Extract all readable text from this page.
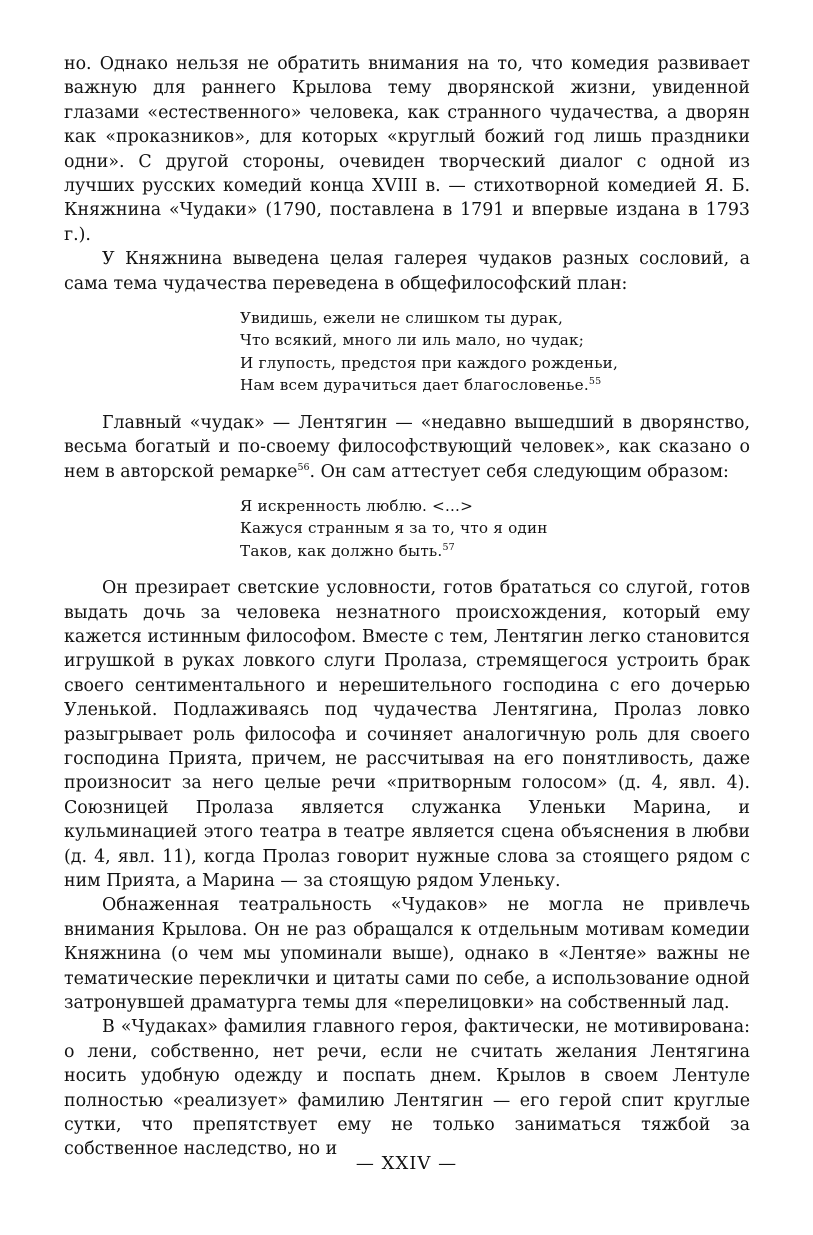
но. Однако нельзя не обратить внимания на то, что комедия развивает важную для раннего Крылова тему дворянской жизни, увиденной глазами «естественного» человека, как странного чудачества, а дворян как «проказников», для которых «круглый божий год лишь праздники одни». С другой стороны, очевиден творческий диалог с одной из лучших русских комедий конца XVIII в. — стихотворной комедией Я. Б. Княжнина «Чудаки» (1790, поставлена в 1791 и впервые издана в 1793 г.).

У Княжнина выведена целая галерея чудаков разных сословий, а сама тема чудачества переведена в общефилософский план:

Увидишь, ежели не слишком ты дурак,
Что всякий, много ли иль мало, но чудак;
И глупость, предстоя при каждого рожденьи,
Нам всем дурачиться дает благословенье.$^{55}$

Главный «чудак» — Лентягин — «недавно вышедший в дворянство, весьма богатый и по-своему философствующий человек», как сказано о нем в авторской ремарке$^{56}$. Он сам аттестует себя следующим образом:

Я искренность люблю. <...>
Кажуся странным я за то, что я один
Таков, как должно быть.$^{57}$

Он презирает светские условности, готов брататься со слугой, готов выдать дочь за человека незнатного происхождения, который ему кажется истинным философом. Вместе с тем, Лентягин легко становится игрушкой в руках ловкого слуги Пролаза, стремящегося устроить брак своего сентиментального и нерешительного господина с его дочерью Уленькой. Подлаживаясь под чудачества Лентягина, Пролаз ловко разыгрывает роль философа и сочиняет аналогичную роль для своего господина Прията, причем, не рассчитывая на его понятливость, даже произносит за него целые речи «притворным голосом» (д. 4, явл. 4). Союзницей Пролаза является служанка Уленьки Марина, и кульминацией этого театра в театре является сцена объяснения в любви (д. 4, явл. 11), когда Пролаз говорит нужные слова за стоящего рядом с ним Прията, а Марина — за стоящую рядом Уленьку.

Обнаженная театральность «Чудаков» не могла не привлечь внимания Крылова. Он не раз обращался к отдельным мотивам комедии Княжнина (о чем мы упоминали выше), однако в «Лентяе» важны не тематические переклички и цитаты сами по себе, а использование одной затронувшей драматурга темы для «перелицовки» на собственный лад.

В «Чудаках» фамилия главного героя, фактически, не мотивирована: о лени, собственно, нет речи, если не считать желания Лентягина носить удобную одежду и поспать днем. Крылов в своем Лентуле полностью «реализует» фамилию Лентягин — его герой спит круглые сутки, что препятствует ему не только заниматься тяжбой за собственное наследство, но и

— XXIV —
